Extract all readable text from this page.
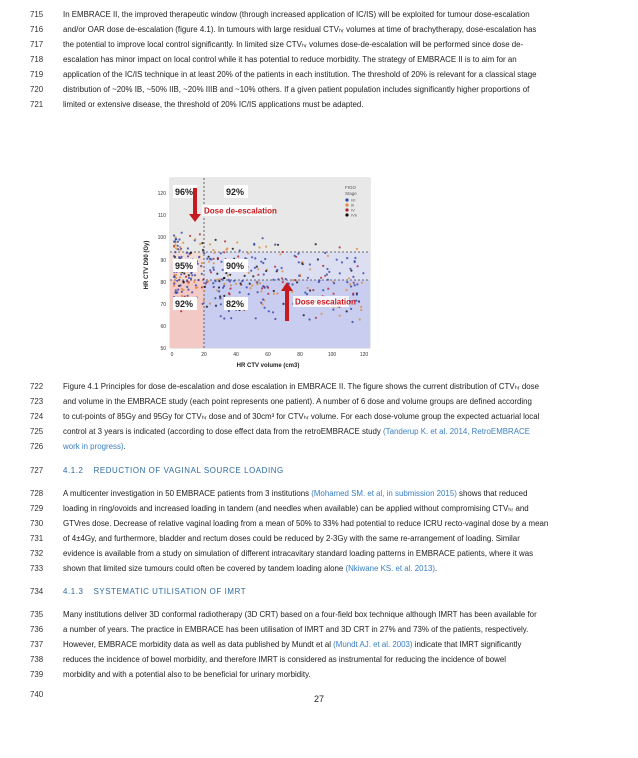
715	In EMBRACE II, the improved therapeutic window (through increased application of IC/IS) will be exploited for tumour dose-escalation
716	and/or OAR dose de-escalation (figure 4.1). In tumours with large residual CTVₕᵣ volumes at time of brachytherapy, dose-escalation has
717	the potential to improve local control significantly. In limited size CTVₕᵣ volumes dose-de-escalation will be performed since dose de-
718	escalation has minor impact on local control while it has potential to reduce morbidity. The strategy of EMBRACE II is to aim for an
719	application of the IC/IS technique in at least 20% of the patients in each institution. The threshold of 20% is relevant for a classical stage
720	distribution of ~20% IB, ~50% IIB, ~20% IIIB and ~10% others. If a given patient population includes significantly higher proportions of
721	limited or extensive disease, the threshold of 20% IC/IS applications must be adapted.
120
110
100
90
80
70
60
50
0	20	40	60	80	100	120
HR CTV volume (cm3)
HR CTV D90 (Gy)
FIGO
Stage
I/II
III
IV
IVb
96%	92%
95%	90%
92%	82%
Dose de-escalation
Dose escalation
722	Figure 4.1 Principles for dose de-escalation and dose escalation in EMBRACE II. The figure shows the current distribution of CTVₕᵣ dose
723	and volume in the EMBRACE study (each point represents one patient). A number of 6 dose and volume groups are defined according
724	to cut-points of 85Gy and 95Gy for CTVₕᵣ dose and of 30cm³ for CTVₕᵣ volume. For each dose-volume group the expected actuarial local
725	control at 3 years is indicated (according to dose effect data from the retroEMBRACE study (Tanderup K. et al. 2014, RetroEMBRACE
726	work in progress).
727	4.1.2 REDUCTION OF VAGINAL SOURCE LOADING
728	A multicenter investigation in 50 EMBRACE patients from 3 institutions (Mohamed SM. et al, in submission 2015) shows that reduced
729	loading in ring/ovoids and increased loading in tandem (and needles when available) can be applied without compromising CTVₕᵣ and
730	GTVres dose. Decrease of relative vaginal loading from a mean of 50% to 33% had potential to reduce ICRU recto-vaginal dose by a mean
731	of 4±4Gy, and furthermore, bladder and rectum doses could be reduced by 2-3Gy with the same re-arrangement of loading. Similar
732	evidence is available from a study on simulation of different intracavitary standard loading patterns in EMBRACE patients, where it was
733	shown that limited size tumours could often be covered by tandem loading alone (Nkiwane KS. et al. 2013).
734	4.1.3 SYSTEMATIC UTILISATION OF IMRT
735	Many institutions deliver 3D conformal radiotherapy (3D CRT) based on a four-field box technique although IMRT has been available for
736	a number of years. The practice in EMBRACE has been utilisation of IMRT and 3D CRT in 27% and 73% of the patients, respectively.
737	However, EMBRACE morbidity data as well as data published by Mundt et al (Mundt AJ. et al. 2003) indicate that IMRT significantly
738	reduces the incidence of bowel morbidity, and therefore IMRT is considered as instrumental for reducing the incidence of bowel
739	morbidity and with a potential also to be beneficial for urinary morbidity.
740	27
